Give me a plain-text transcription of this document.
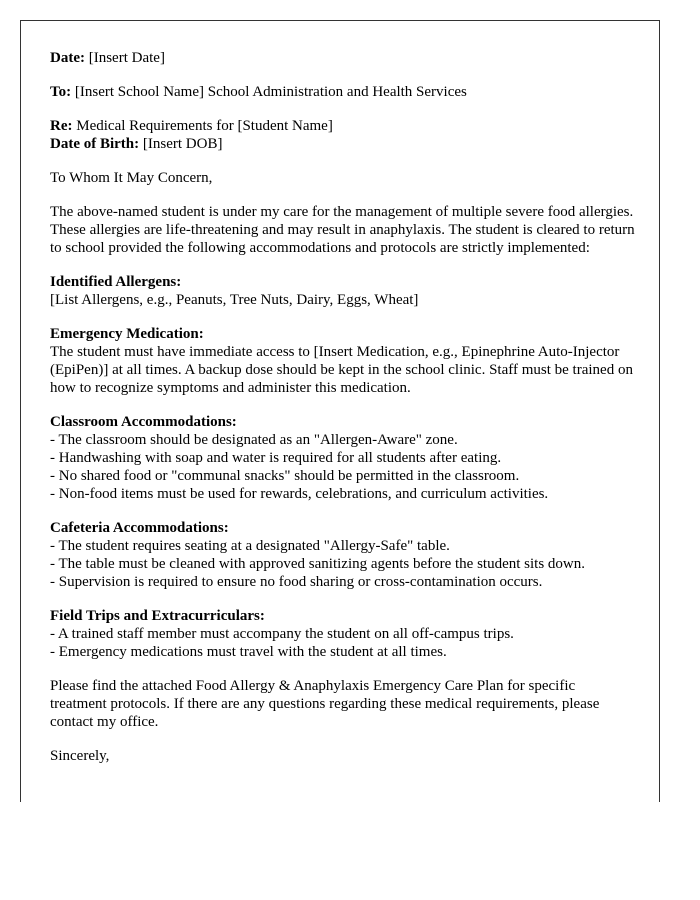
Date: [Insert Date]

To: [Insert School Name] School Administration and Health Services

Re: Medical Requirements for [Student Name]

Date of Birth: [Insert DOB]

To Whom It May Concern,

The above-named student is under my care for the management of multiple severe food allergies. These allergies are life-threatening and may result in anaphylaxis. The student is cleared to return to school provided the following accommodations and protocols are strictly implemented:

Identified Allergens:
[List Allergens, e.g., Peanuts, Tree Nuts, Dairy, Eggs, Wheat]

Emergency Medication:
The student must have immediate access to [Insert Medication, e.g., Epinephrine Auto-Injector (EpiPen)] at all times. A backup dose should be kept in the school clinic. Staff must be trained on how to recognize symptoms and administer this medication.

Classroom Accommodations:
- The classroom should be designated as an "Allergen-Aware" zone.
- Handwashing with soap and water is required for all students after eating.
- No shared food or "communal snacks" should be permitted in the classroom.
- Non-food items must be used for rewards, celebrations, and curriculum activities.

Cafeteria Accommodations:
- The student requires seating at a designated "Allergy-Safe" table.
- The table must be cleaned with approved sanitizing agents before the student sits down.
- Supervision is required to ensure no food sharing or cross-contamination occurs.

Field Trips and Extracurriculars:
- A trained staff member must accompany the student on all off-campus trips.
- Emergency medications must travel with the student at all times.

Please find the attached Food Allergy & Anaphylaxis Emergency Care Plan for specific treatment protocols. If there are any questions regarding these medical requirements, please contact my office.

Sincerely,
